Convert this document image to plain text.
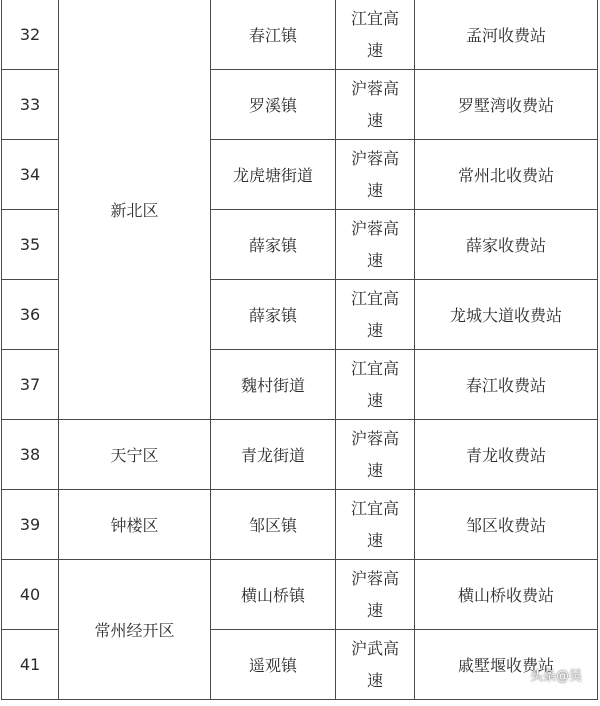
32	新北区	春江镇	江宜高速	孟河收费站
33		罗溪镇	沪蓉高速	罗墅湾收费站
34		龙虎塘街道	沪蓉高速	常州北收费站
35		薛家镇	沪蓉高速	薛家收费站
36		薛家镇	江宜高速	龙城大道收费站
37		魏村街道	江宜高速	春江收费站
38	天宁区	青龙街道	沪蓉高速	青龙收费站
39	钟楼区	邹区镇	江宜高速	邹区收费站
40	常州经开区	横山桥镇	沪蓉高速	横山桥收费站
41		遥观镇	沪武高速	戚墅堰收费站
头条@吴
